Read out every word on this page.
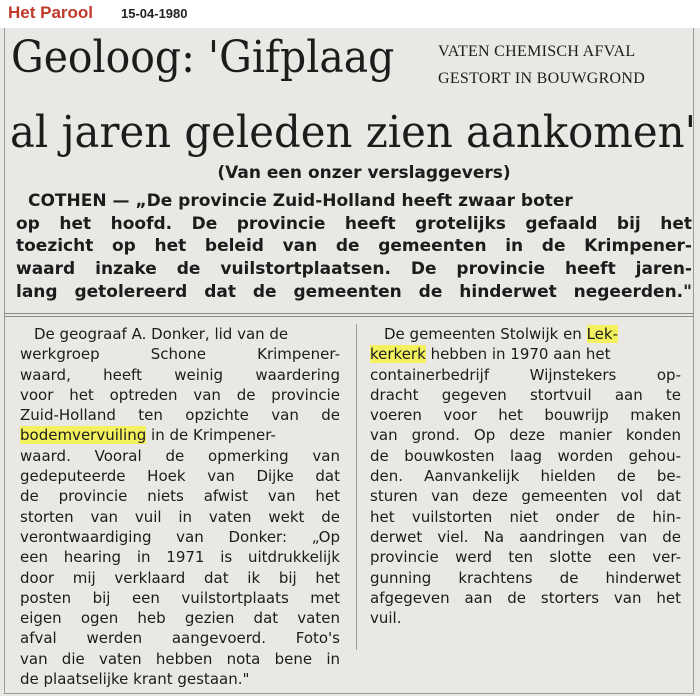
Het Parool 15-04-1980
Geoloog: 'Gifplaag	VATEN CHEMISCH AFVAL
GESTORT IN BOUWGROND
al jaren geleden zien aankomen'
(Van een onzer verslaggevers)
COTHEN — „De provincie Zuid-Holland heeft zwaar boter
op het hoofd. De provincie heeft grotelijks gefaald bij het
toezicht op het beleid van de gemeenten in de Krimpener-
waard inzake de vuilstortplaatsen. De provincie heeft jaren-
lang getolereerd dat de gemeenten de hinderwet negeerden."
De geograaf A. Donker, lid van de
werkgroep Schone Krimpener-
waard, heeft weinig waardering
voor het optreden van de provincie
Zuid-Holland ten opzichte van de
bodemvervuiling in de Krimpener-
waard. Vooral de opmerking van
gedeputeerde Hoek van Dijke dat
de provincie niets afwist van het
storten van vuil in vaten wekt de
verontwaardiging van Donker: „Op
een hearing in 1971 is uitdrukkelijk
door mij verklaard dat ik bij het
posten bij een vuilstortplaats met
eigen ogen heb gezien dat vaten
afval werden aangevoerd. Foto's
van die vaten hebben nota bene in
de plaatselijke krant gestaan."
De gemeenten Stolwijk en Lek-
kerkerk hebben in 1970 aan het
containerbedrijf Wijnstekers op-
dracht gegeven stortvuil aan te
voeren voor het bouwrijp maken
van grond. Op deze manier konden
de bouwkosten laag worden gehou-
den. Aanvankelijk hielden de be-
sturen van deze gemeenten vol dat
het vuilstorten niet onder de hin-
derwet viel. Na aandringen van de
provincie werd ten slotte een ver-
gunning krachtens de hinderwet
afgegeven aan de storters van het
vuil.
